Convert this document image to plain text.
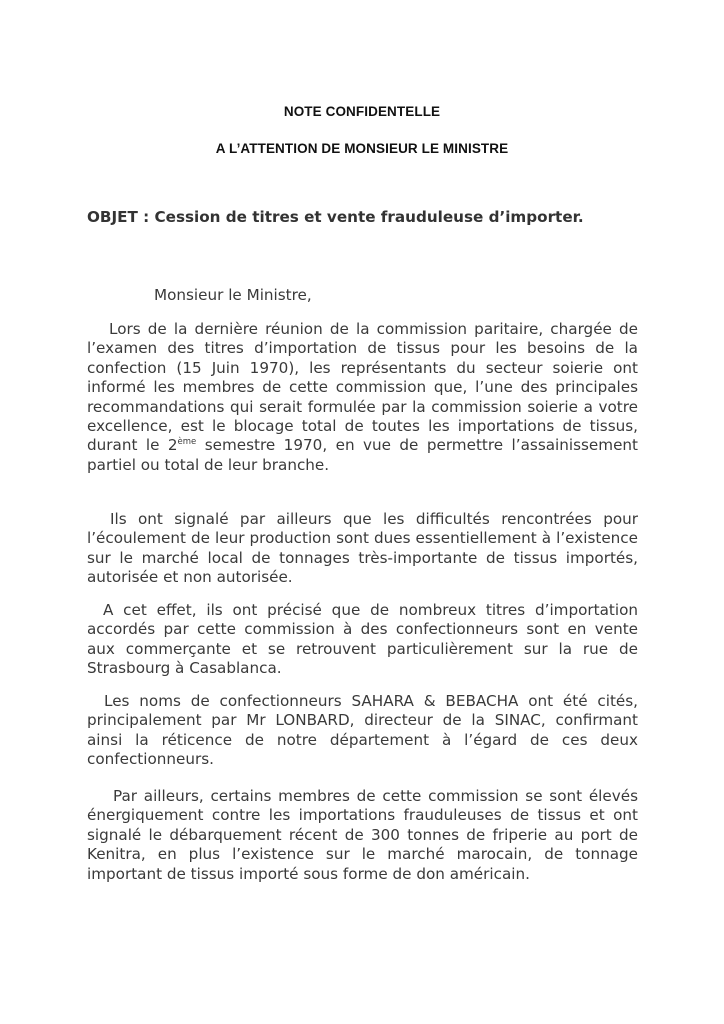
NOTE CONFIDENTELLE
A L’ATTENTION DE MONSIEUR LE MINISTRE
OBJET : Cession de titres et vente frauduleuse d’importer.
Monsieur le Ministre,

Lors de la dernière réunion de la commission paritaire, chargée de l’examen des titres d’importation de tissus pour les besoins de la confection (15 Juin 1970), les représentants du secteur soierie ont informé les membres de cette commission que, l’une des principales recommandations qui serait formulée par la commission soierie a votre excellence, est le blocage total de toutes les importations de tissus, durant le 2ème semestre 1970, en vue de permettre l’assainissement partiel ou total de leur branche.

Ils ont signalé par ailleurs que les difficultés rencontrées pour l’écoulement de leur production sont dues essentiellement à l’existence sur le marché local de tonnages très-importante de tissus importés, autorisée et non autorisée.

A cet effet, ils ont précisé que de nombreux titres d’importation accordés par cette commission à des confectionneurs sont en vente aux commerçante et se retrouvent particulièrement sur la rue de Strasbourg à Casablanca.

Les noms de confectionneurs SAHARA & BEBACHA ont été cités, principalement par Mr LONBARD, directeur de la SINAC, confirmant ainsi la réticence de notre département à l’égard de ces deux confectionneurs.

Par ailleurs, certains membres de cette commission se sont élevés énergiquement contre les importations frauduleuses de tissus et ont signalé le débarquement récent de 300 tonnes de friperie au port de Kenitra, en plus l’existence sur le marché marocain, de tonnage important de tissus importé sous forme de don américain.
